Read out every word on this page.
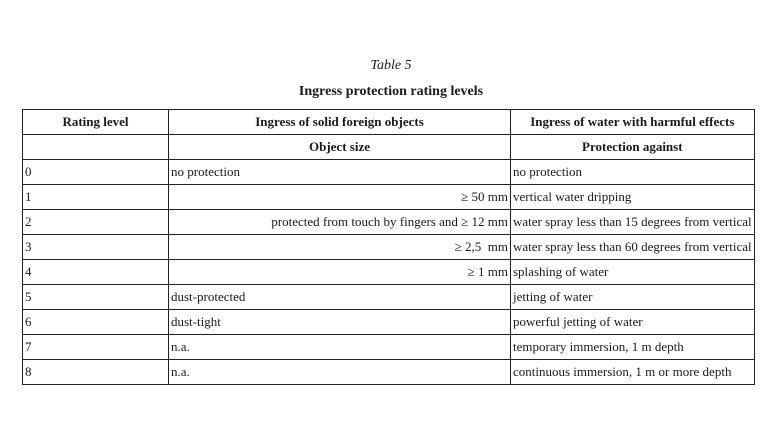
Table 5
Ingress protection rating levels
Rating level	Ingress of solid foreign objects	Ingress of water with harmful effects
	Object size	Protection against
0	no protection	no protection
1	≥ 50 mm	vertical water dripping
2	protected from touch by fingers and ≥ 12 mm	water spray less than 15 degrees from vertical
3	≥ 2,5  mm	water spray less than 60 degrees from vertical
4	≥ 1 mm	splashing of water
5	dust-protected	jetting of water
6	dust-tight	powerful jetting of water
7	n.a.	temporary immersion, 1 m depth
8	n.a.	continuous immersion, 1 m or more depth
